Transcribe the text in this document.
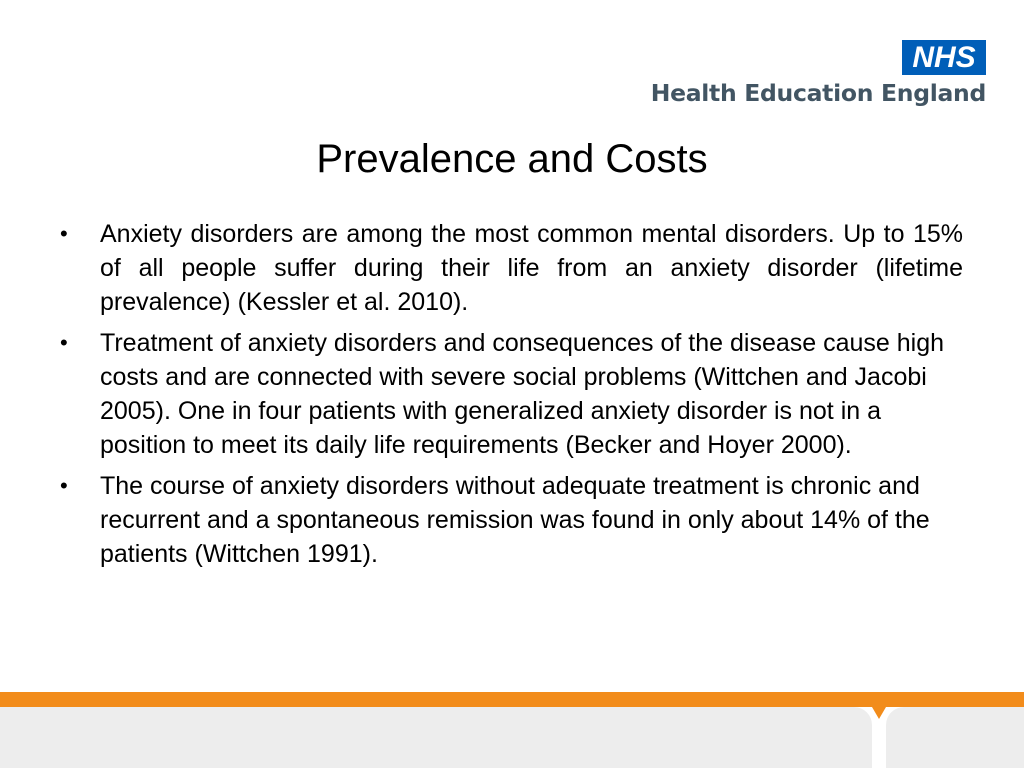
NHS
Health Education England
Prevalence and Costs
•	Anxiety disorders are among the most common mental disorders. Up to 15% of all people suffer during their life from an anxiety disorder (lifetime prevalence) (Kessler et al. 2010).
•	Treatment of anxiety disorders and consequences of the disease cause high costs and are connected with severe social problems (Wittchen and Jacobi 2005). One in four patients with generalized anxiety disorder is not in a position to meet its daily life requirements (Becker and Hoyer 2000).
•	The course of anxiety disorders without adequate treatment is chronic and recurrent and a spontaneous remission was found in only about 14% of the patients (Wittchen 1991).
